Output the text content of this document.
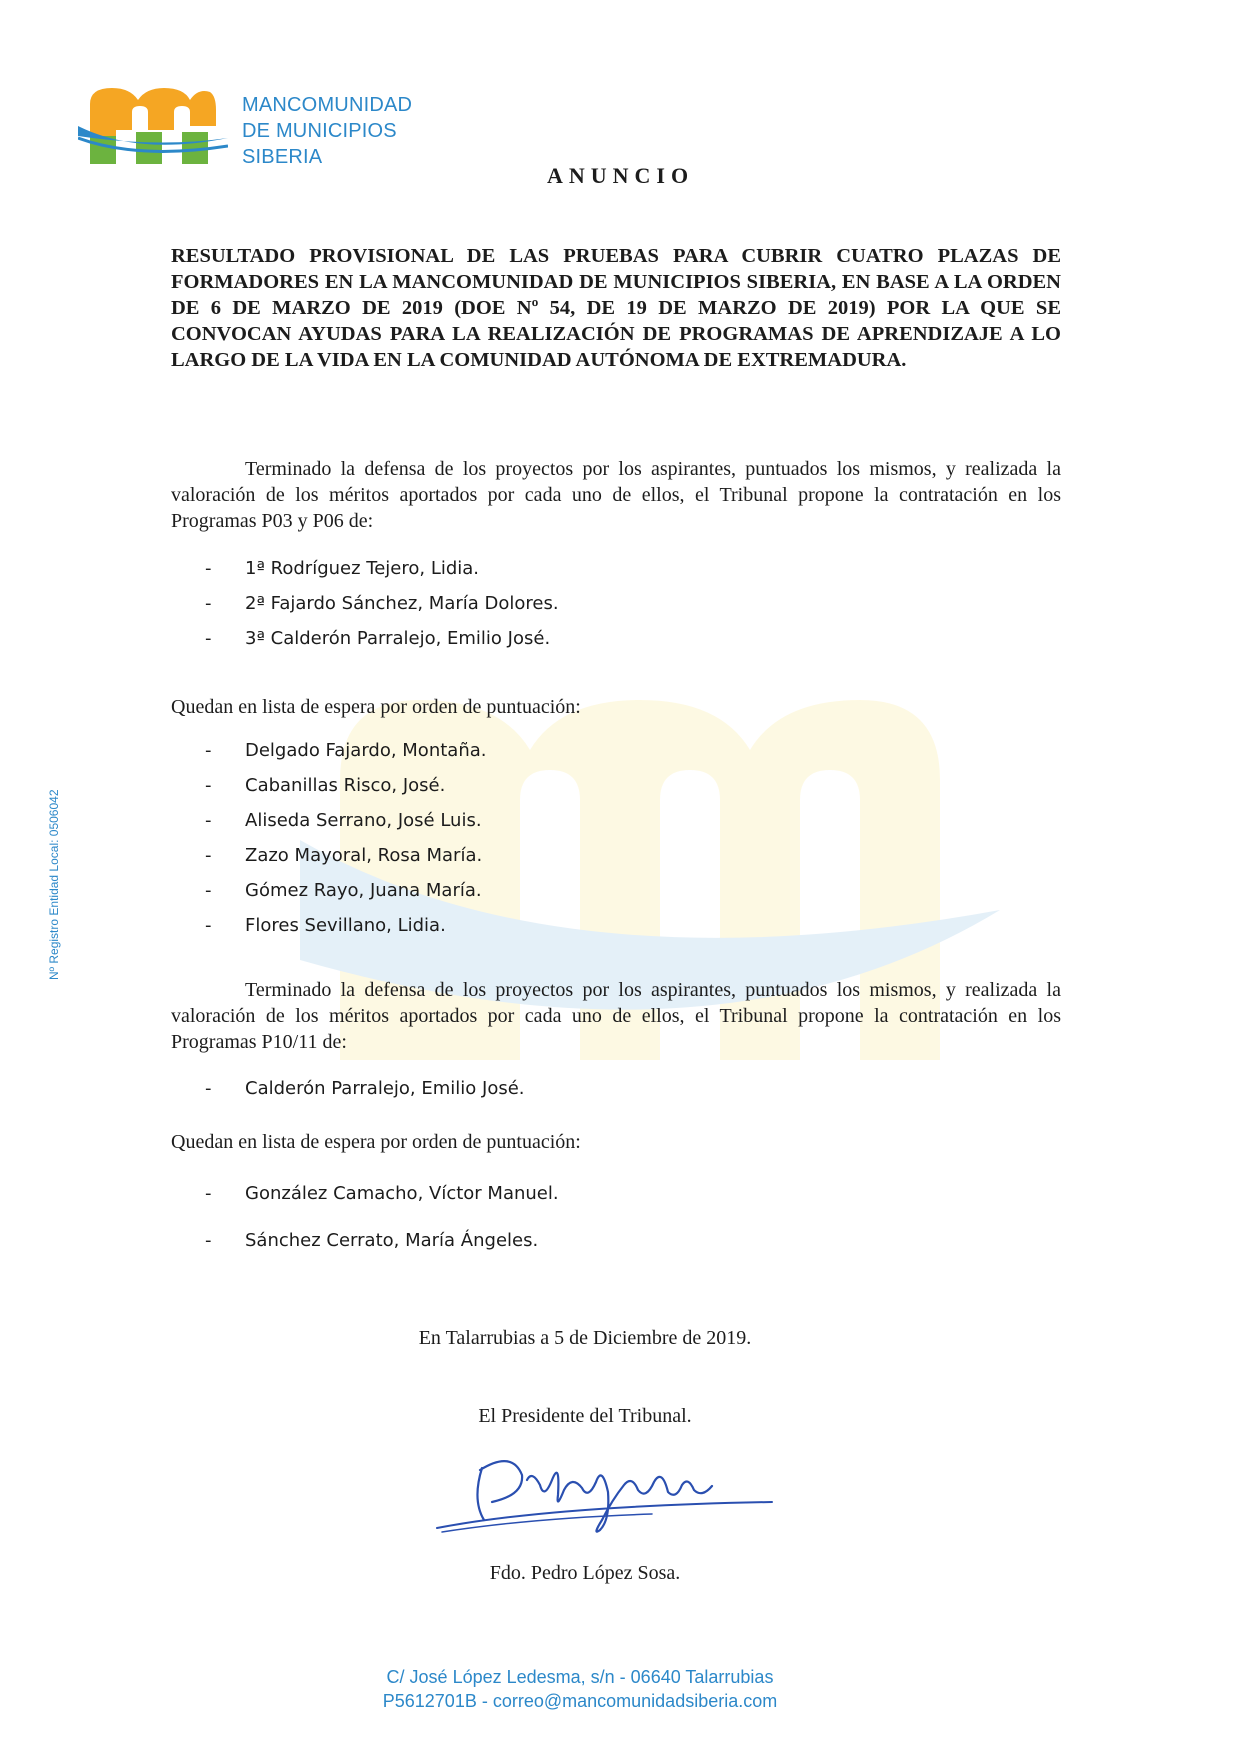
MANCOMUNIDAD
DE MUNICIPIOS
SIBERIA
Nº Registro Entidad Local: 0506042
ANUNCIO
RESULTADO PROVISIONAL DE LAS PRUEBAS PARA CUBRIR CUATRO PLAZAS DE FORMADORES EN LA MANCOMUNIDAD DE MUNICIPIOS SIBERIA, EN BASE A LA ORDEN DE 6 DE MARZO DE 2019 (DOE Nº 54, DE 19 DE MARZO DE 2019) POR LA QUE SE CONVOCAN AYUDAS PARA LA REALIZACIÓN DE PROGRAMAS DE APRENDIZAJE A LO LARGO DE LA VIDA EN LA COMUNIDAD AUTÓNOMA DE EXTREMADURA.
Terminado la defensa de los proyectos por los aspirantes, puntuados los mismos, y realizada la valoración de los méritos aportados por cada uno de ellos, el Tribunal propone la contratación en los Programas P03 y P06 de:
- 1ª Rodríguez Tejero, Lidia.
- 2ª Fajardo Sánchez, María Dolores.
- 3ª Calderón Parralejo, Emilio José.
Quedan en lista de espera por orden de puntuación:
- Delgado Fajardo, Montaña.
- Cabanillas Risco, José.
- Aliseda Serrano, José Luis.
- Zazo Mayoral, Rosa María.
- Gómez Rayo, Juana María.
- Flores Sevillano, Lidia.
Terminado la defensa de los proyectos por los aspirantes, puntuados los mismos, y realizada la valoración de los méritos aportados por cada uno de ellos, el Tribunal propone la contratación en los Programas P10/11 de:
- Calderón Parralejo, Emilio José.
Quedan en lista de espera por orden de puntuación:
- González Camacho, Víctor Manuel.
- Sánchez Cerrato, María Ángeles.
En Talarrubias a 5 de Diciembre de 2019.
El Presidente del Tribunal.
Fdo. Pedro López Sosa.
C/ José López Ledesma, s/n - 06640 Talarrubias
P5612701B - correo@mancomunidadsiberia.com
